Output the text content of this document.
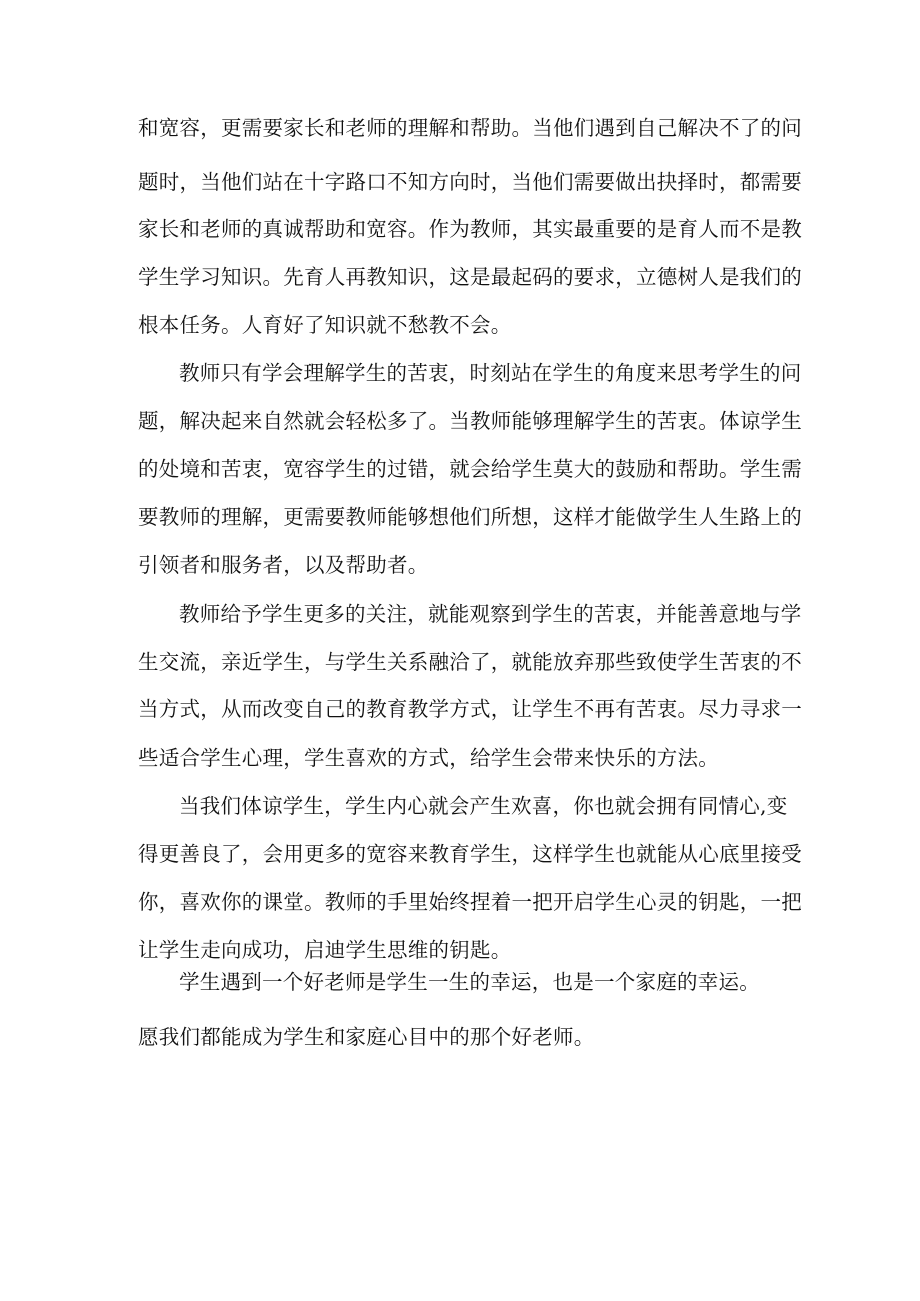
和宽容，更需要家长和老师的理解和帮助。当他们遇到自己解决不了的问
题时，当他们站在十字路口不知方向时，当他们需要做出抉择时，都需要
家长和老师的真诚帮助和宽容。作为教师，其实最重要的是育人而不是教
学生学习知识。先育人再教知识，这是最起码的要求，立德树人是我们的
根本任务。人育好了知识就不愁教不会。
教师只有学会理解学生的苦衷，时刻站在学生的角度来思考学生的问
题，解决起来自然就会轻松多了。当教师能够理解学生的苦衷。体谅学生
的处境和苦衷，宽容学生的过错，就会给学生莫大的鼓励和帮助。学生需
要教师的理解，更需要教师能够想他们所想，这样才能做学生人生路上的
引领者和服务者，以及帮助者。
教师给予学生更多的关注，就能观察到学生的苦衷，并能善意地与学
生交流，亲近学生，与学生关系融洽了，就能放弃那些致使学生苦衷的不
当方式，从而改变自己的教育教学方式，让学生不再有苦衷。尽力寻求一
些适合学生心理，学生喜欢的方式，给学生会带来快乐的方法。
当我们体谅学生，学生内心就会产生欢喜，你也就会拥有同情心,变
得更善良了，会用更多的宽容来教育学生，这样学生也就能从心底里接受
你，喜欢你的课堂。教师的手里始终捏着一把开启学生心灵的钥匙，一把
让学生走向成功，启迪学生思维的钥匙。
学生遇到一个好老师是学生一生的幸运，也是一个家庭的幸运。
愿我们都能成为学生和家庭心目中的那个好老师。
